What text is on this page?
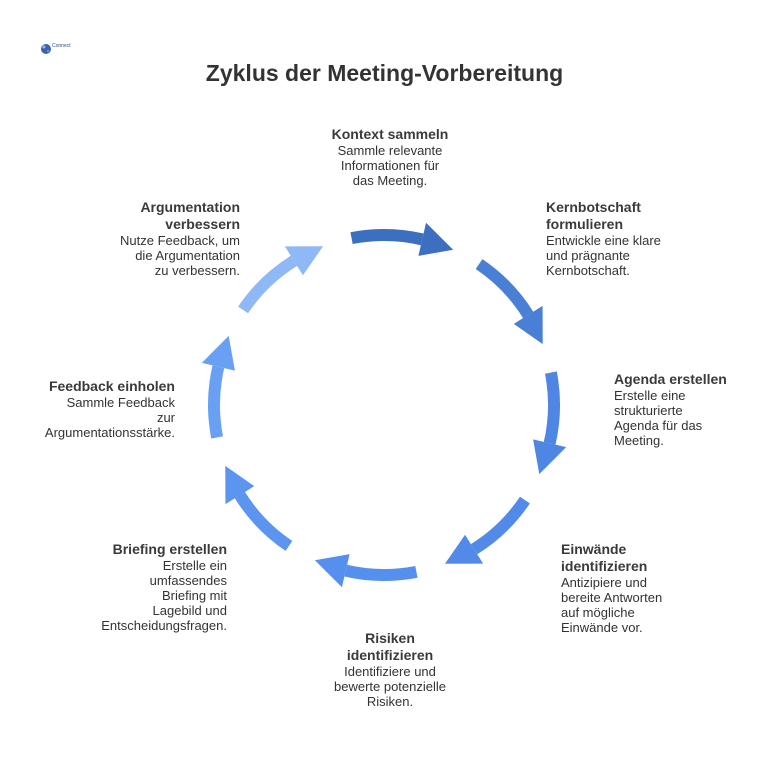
Connect
Zyklus der Meeting-Vorbereitung
Kontext sammeln
Sammle relevante
Informationen für
das Meeting.
Kernbotschaft
formulieren
Entwickle eine klare
und prägnante
Kernbotschaft.
Agenda erstellen
Erstelle eine
strukturierte
Agenda für das
Meeting.
Einwände
identifizieren
Antizipiere und
bereite Antworten
auf mögliche
Einwände vor.
Risiken
identifizieren
Identifiziere und
bewerte potenzielle
Risiken.
Briefing erstellen
Erstelle ein
umfassendes
Briefing mit
Lagebild und
Entscheidungsfragen.
Feedback einholen
Sammle Feedback
zur
Argumentationsstärke.
Argumentation
verbessern
Nutze Feedback, um
die Argumentation
zu verbessern.
